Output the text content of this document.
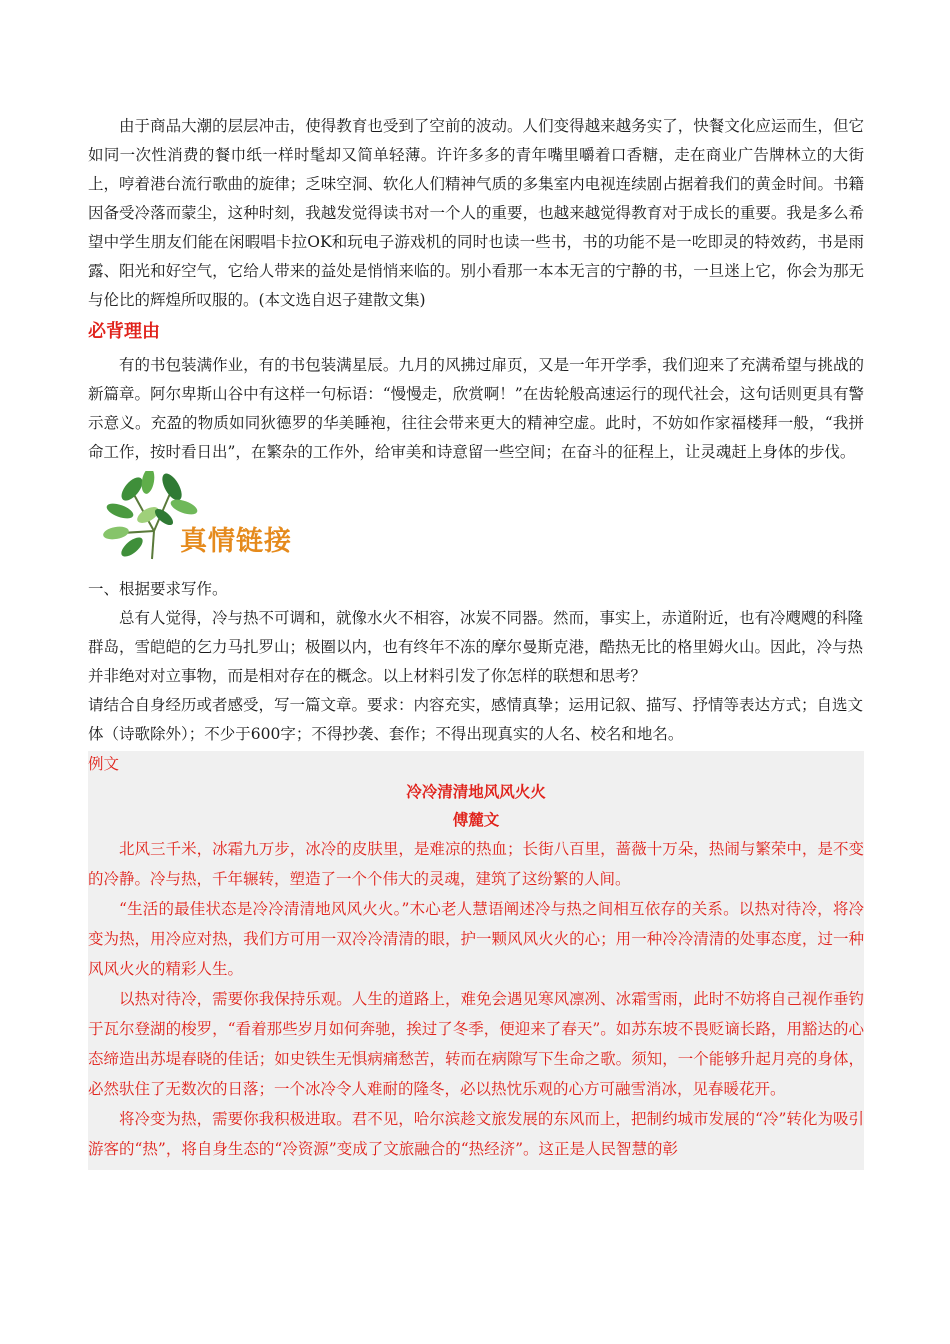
由于商品大潮的层层冲击，使得教育也受到了空前的波动。人们变得越来越务实了，快餐文化应运而生，但它如同一次性消费的餐巾纸一样时髦却又简单轻薄。许许多多的青年嘴里嚼着口香糖，走在商业广告牌林立的大街上，哼着港台流行歌曲的旋律；乏味空洞、软化人们精神气质的多集室内电视连续剧占据着我们的黄金时间。书籍因备受冷落而蒙尘，这种时刻，我越发觉得读书对一个人的重要，也越来越觉得教育对于成长的重要。我是多么希望中学生朋友们能在闲暇唱卡拉OK和玩电子游戏机的同时也读一些书，书的功能不是一吃即灵的特效药，书是雨露、阳光和好空气，它给人带来的益处是悄悄来临的。别小看那一本本无言的宁静的书，一旦迷上它，你会为那无与伦比的辉煌所叹服的。(本文选自迟子建散文集)

必背理由

有的书包装满作业，有的书包装满星辰。九月的风拂过扉页，又是一年开学季，我们迎来了充满希望与挑战的新篇章。阿尔卑斯山谷中有这样一句标语：“慢慢走，欣赏啊！”在齿轮般高速运行的现代社会，这句话则更具有警示意义。充盈的物质如同狄德罗的华美睡袍，往往会带来更大的精神空虚。此时，不妨如作家福楼拜一般，“我拼命工作，按时看日出”，在繁杂的工作外，给审美和诗意留一些空间；在奋斗的征程上，让灵魂赶上身体的步伐。

真情链接

一、根据要求写作。

总有人觉得，冷与热不可调和，就像水火不相容，冰炭不同器。然而，事实上，赤道附近，也有冷飕飕的科隆群岛，雪皑皑的乞力马扎罗山；极圈以内，也有终年不冻的摩尔曼斯克港，酷热无比的格里姆火山。因此，冷与热并非绝对对立事物，而是相对存在的概念。以上材料引发了你怎样的联想和思考？

请结合自身经历或者感受，写一篇文章。要求：内容充实，感情真挚；运用记叙、描写、抒情等表达方式；自选文体（诗歌除外）；不少于600字；不得抄袭、套作；不得出现真实的人名、校名和地名。

例文

冷冷清清地风风火火

傅麓文

北风三千米，冰霜九万步，冰冷的皮肤里，是难凉的热血；长街八百里，蔷薇十万朵，热闹与繁荣中，是不变的冷静。冷与热，千年辗转，塑造了一个个伟大的灵魂，建筑了这纷繁的人间。

“生活的最佳状态是冷冷清清地风风火火。”木心老人慧语阐述冷与热之间相互依存的关系。以热对待冷，将冷变为热，用冷应对热，我们方可用一双冷冷清清的眼，护一颗风风火火的心；用一种冷冷清清的处事态度，过一种风风火火的精彩人生。

以热对待冷，需要你我保持乐观。人生的道路上，难免会遇见寒风凛冽、冰霜雪雨，此时不妨将自己视作垂钓于瓦尔登湖的梭罗，“看着那些岁月如何奔驰，挨过了冬季，便迎来了春天”。如苏东坡不畏贬谪长路，用豁达的心态缔造出苏堤春晓的佳话；如史铁生无惧病痛愁苦，转而在病隙写下生命之歌。须知，一个能够升起月亮的身体，必然驮住了无数次的日落；一个冰冷令人难耐的隆冬，必以热忱乐观的心方可融雪消冰，见春暖花开。

将冷变为热，需要你我积极进取。君不见，哈尔滨趁文旅发展的东风而上，把制约城市发展的“冷”转化为吸引游客的“热”，将自身生态的“冷资源”变成了文旅融合的“热经济”。这正是人民智慧的彰
